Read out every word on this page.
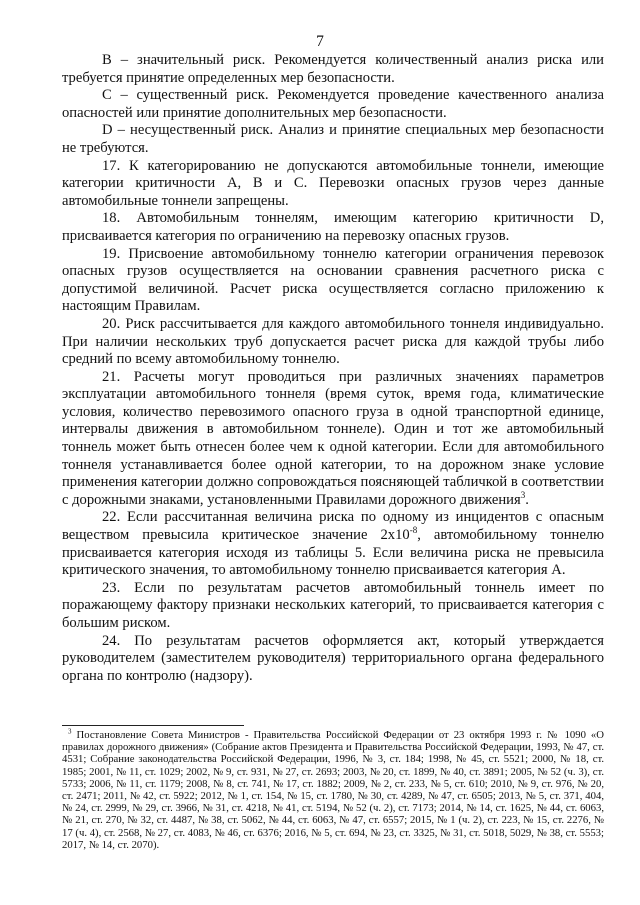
7

B – значительный риск. Рекомендуется количественный анализ риска или требуется принятие определенных мер безопасности.

C – существенный риск. Рекомендуется проведение качественного анализа опасностей или принятие дополнительных мер безопасности.

D – несущественный риск. Анализ и принятие специальных мер безопасности не требуются.

17. К категорированию не допускаются автомобильные тоннели, имеющие категории критичности A, B и C. Перевозки опасных грузов через данные автомобильные тоннели запрещены.

18. Автомобильным тоннелям, имеющим категорию критичности D, присваивается категория по ограничению на перевозку опасных грузов.

19. Присвоение автомобильному тоннелю категории ограничения перевозок опасных грузов осуществляется на основании сравнения расчетного риска с допустимой величиной. Расчет риска осуществляется согласно приложению к настоящим Правилам.

20. Риск рассчитывается для каждого автомобильного тоннеля индивидуально. При наличии нескольких труб допускается расчет риска для каждой трубы либо средний по всему автомобильному тоннелю.

21. Расчеты могут проводиться при различных значениях параметров эксплуатации автомобильного тоннеля (время суток, время года, климатические условия, количество перевозимого опасного груза в одной транспортной единице, интервалы движения в автомобильном тоннеле). Один и тот же автомобильный тоннель может быть отнесен более чем к одной категории. Если для автомобильного тоннеля устанавливается более одной категории, то на дорожном знаке условие применения категории должно сопровождаться поясняющей табличкой в соответствии с дорожными знаками, установленными Правилами дорожного движения$^3$.

22. Если рассчитанная величина риска по одному из инцидентов с опасным веществом превысила критическое значение $2x10^{-8}$, автомобильному тоннелю присваивается категория исходя из таблицы 5. Если величина риска не превысила критического значения, то автомобильному тоннелю присваивается категория A.

23. Если по результатам расчетов автомобильный тоннель имеет по поражающему фактору признаки нескольких категорий, то присваивается категория с большим риском.

24. По результатам расчетов оформляется акт, который утверждается руководителем (заместителем руководителя) территориального органа федерального органа по контролю (надзору).

$^3$ Постановление Совета Министров - Правительства Российской Федерации от 23 октября 1993 г. № 1090 «О правилах дорожного движения» (Собрание актов Президента и Правительства Российской Федерации, 1993, № 47, ст. 4531; Собрание законодательства Российской Федерации, 1996, № 3, ст. 184; 1998, № 45, ст. 5521; 2000, № 18, ст. 1985; 2001, № 11, ст. 1029; 2002, № 9, ст. 931, № 27, ст. 2693; 2003, № 20, ст. 1899, № 40, ст. 3891; 2005, № 52 (ч. 3), ст. 5733; 2006, № 11, ст. 1179; 2008, № 8, ст. 741, № 17, ст. 1882; 2009, № 2, ст. 233, № 5, ст. 610; 2010, № 9, ст. 976, № 20, ст. 2471; 2011, № 42, ст. 5922; 2012, № 1, ст. 154, № 15, ст. 1780, № 30, ст. 4289, № 47, ст. 6505; 2013, № 5, ст. 371, 404, № 24, ст. 2999, № 29, ст. 3966, № 31, ст. 4218, № 41, ст. 5194, № 52 (ч. 2), ст. 7173; 2014, № 14, ст. 1625, № 44, ст. 6063, № 21, ст. 270, № 32, ст. 4487, № 38, ст. 5062, № 44, ст. 6063, № 47, ст. 6557; 2015, № 1 (ч. 2), ст. 223, № 15, ст. 2276, № 17 (ч. 4), ст. 2568, № 27, ст. 4083, № 46, ст. 6376; 2016, № 5, ст. 694, № 23, ст. 3325, № 31, ст. 5018, 5029, № 38, ст. 5553; 2017, № 14, ст. 2070).
